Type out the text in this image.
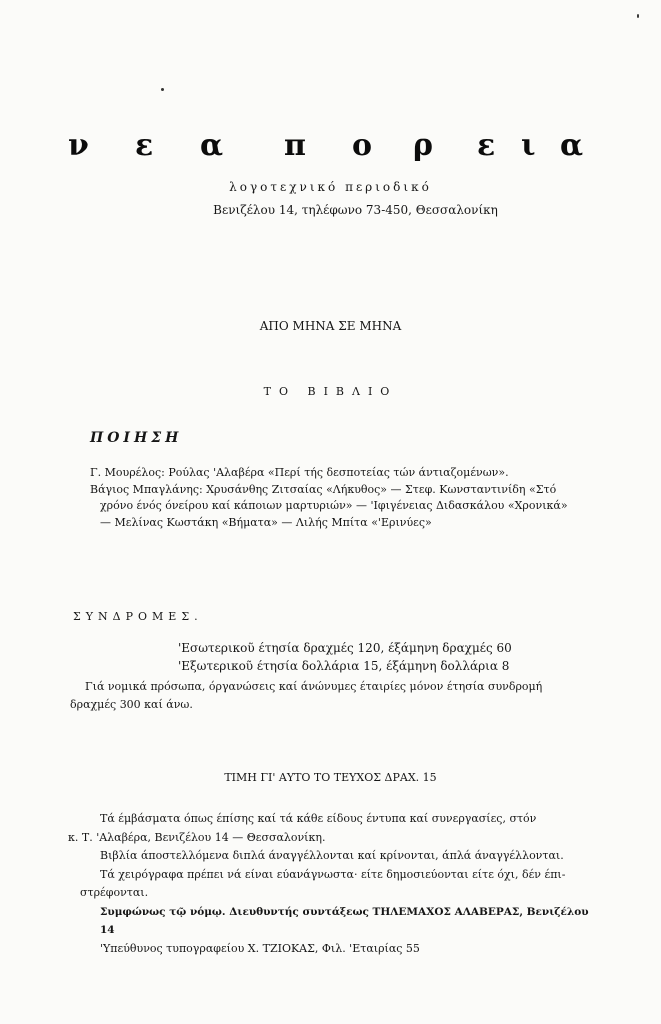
ν ε α π ο ρ ε ι α
λογοτεχνικό περιοδικό
Βενιζέλου 14, τηλέφωνο 73-450, Θεσσαλονίκη
ΑΠΟ ΜΗΝΑ ΣΕ ΜΗΝΑ
ΤΟ ΒΙΒΛΙΟ
ΠΟΙΗΣΗ

Γ. Μουρέλος: Ρούλας 'Αλαβέρα «Περί τής δεσποτείας τών άντιαζομένων».

Βάγιος Μπαγλάνης: Χρυσάνθης Ζιτσαίας «Λήκυθος» — Στεφ. Κωνσταντινίδη «Στό

χρόνο ένός όνείρου καί κάποιων μαρτυριών» — 'Ιφιγένειας Διδασκάλου «Χρονικά»

— Μελίνας Κωστάκη «Βήματα» — Λιλής Μπίτα «'Ερινύες»

ΣΥΝΔΡΟΜΕΣ.
'Εσωτερικοῦ έτησία δραχμές 120, έξάμηνη δραχμές 60
'Εξωτερικοῦ έτησία δολλάρια 15, έξάμηνη δολλάρια 8
Γιά νομικά πρόσωπα, όργανώσεις καί άνώνυμες έταιρίες μόνον έτησία συνδρομή
δραχμές 300 καί άνω.
ΤΙΜΗ ΓΙ' ΑΥΤΟ ΤΟ ΤΕΥΧΟΣ ΔΡΑΧ. 15

Τά έμβάσματα όπως έπίσης καί τά κάθε είδους έντυπα καί συνεργασίες, στόν

κ. Τ. 'Αλαβέρα, Βενιζέλου 14 — Θεσσαλονίκη.

Βιβλία άποστελλόμενα διπλά άναγγέλλονται καί κρίνονται, άπλά άναγγέλλονται.

Τά χειρόγραφα πρέπει νά είναι εύανάγνωστα· είτε δημοσιεύονται είτε όχι, δέν έπι-

στρέφονται.

Συμφώνως τῷ νόμῳ. Διευθυντής συντάξεως ΤΗΛΕΜΑΧΟΣ ΑΛΑΒΕΡΑΣ, Βενιζέλου 14

'Υπεύθυνος τυπογραφείου Χ. ΤΖΙΟΚΑΣ, Φιλ. 'Εταιρίας 55
